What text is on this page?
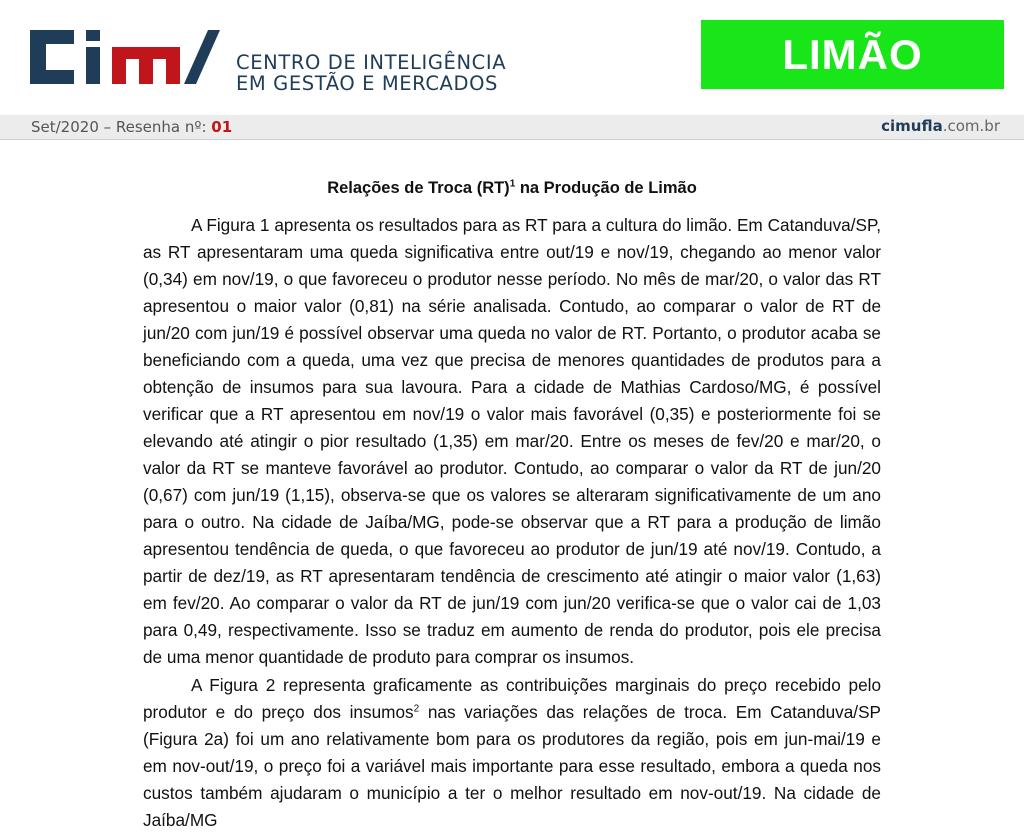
CENTRO DE INTELIGÊNCIA
EM GESTÃO E MERCADOS
LIMÃO
Set/2020 – Resenha nº: 01	cimufla.com.br
Relações de Troca (RT)$^1$ na Produção de Limão

A Figura 1 apresenta os resultados para as RT para a cultura do limão. Em Catanduva/SP, as RT apresentaram uma queda significativa entre out/19 e nov/19, chegando ao menor valor (0,34) em nov/19, o que favoreceu o produtor nesse período. No mês de mar/20, o valor das RT apresentou o maior valor (0,81) na série analisada. Contudo, ao comparar o valor de RT de jun/20 com jun/19 é possível observar uma queda no valor de RT. Portanto, o produtor acaba se beneficiando com a queda, uma vez que precisa de menores quantidades de produtos para a obtenção de insumos para sua lavoura. Para a cidade de Mathias Cardoso/MG, é possível verificar que a RT apresentou em nov/19 o valor mais favorável (0,35) e posteriormente foi se elevando até atingir o pior resultado (1,35) em mar/20. Entre os meses de fev/20 e mar/20, o valor da RT se manteve favorável ao produtor. Contudo, ao comparar o valor da RT de jun/20 (0,67) com jun/19 (1,15), observa-se que os valores se alteraram significativamente de um ano para o outro. Na cidade de Jaíba/MG, pode-se observar que a RT para a produção de limão apresentou tendência de queda, o que favoreceu ao produtor de jun/19 até nov/19. Contudo, a partir de dez/19, as RT apresentaram tendência de crescimento até atingir o maior valor (1,63) em fev/20. Ao comparar o valor da RT de jun/19 com jun/20 verifica-se que o valor cai de 1,03 para 0,49, respectivamente. Isso se traduz em aumento de renda do produtor, pois ele precisa de uma menor quantidade de produto para comprar os insumos.

A Figura 2 representa graficamente as contribuições marginais do preço recebido pelo produtor e do preço dos insumos$^2$ nas variações das relações de troca. Em Catanduva/SP (Figura 2a) foi um ano relativamente bom para os produtores da região, pois em jun-mai/19 e em nov-out/19, o preço foi a variável mais importante para esse resultado, embora a queda nos custos também ajudaram o município a ter o melhor resultado em nov-out/19. Na cidade de Jaíba/MG
